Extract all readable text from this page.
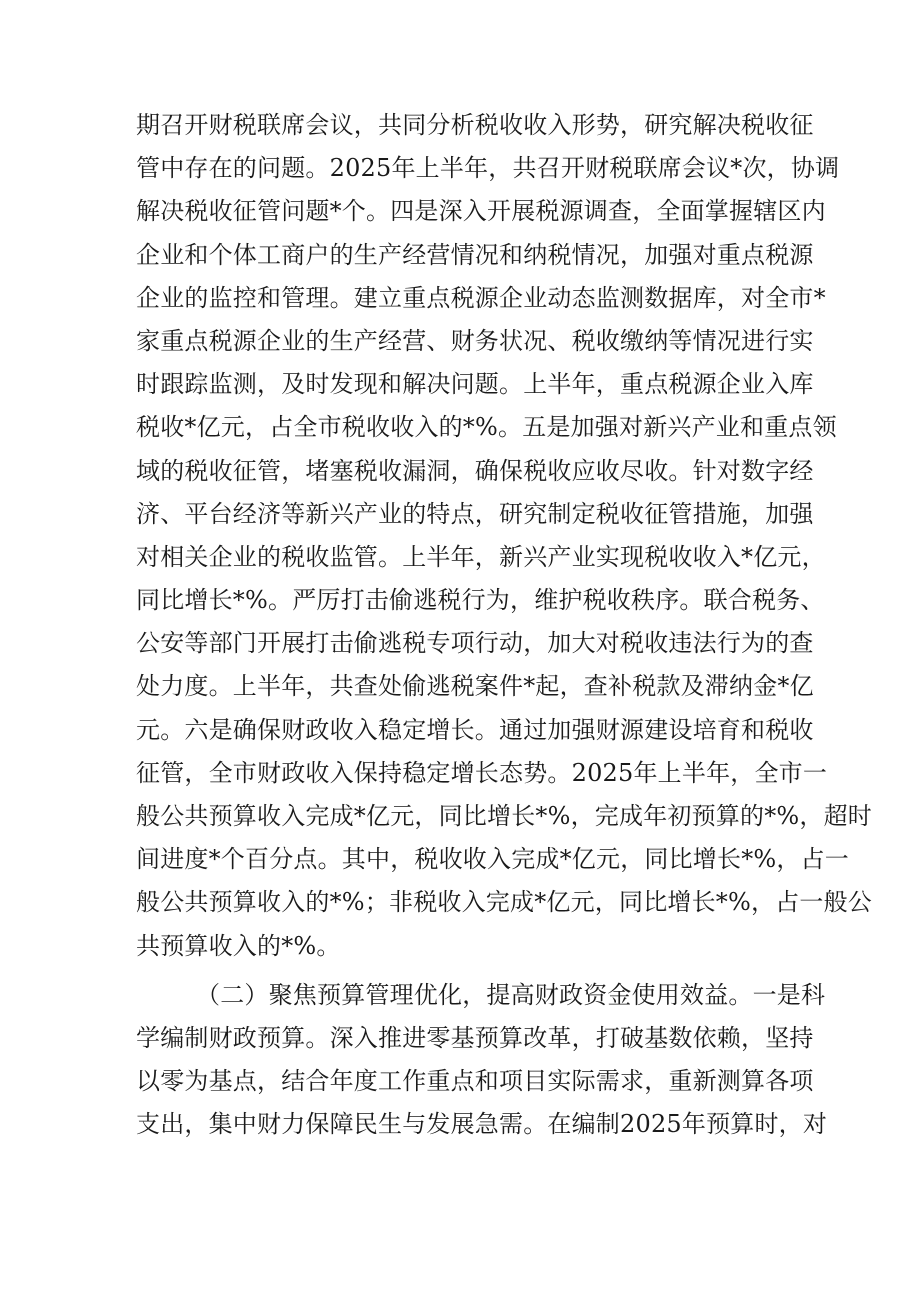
期召开财税联席会议，共同分析税收收入形势，研究解决税收征
管中存在的问题。2025年上半年，共召开财税联席会议*次，协调
解决税收征管问题*个。四是深入开展税源调查，全面掌握辖区内
企业和个体工商户的生产经营情况和纳税情况，加强对重点税源
企业的监控和管理。建立重点税源企业动态监测数据库，对全市*
家重点税源企业的生产经营、财务状况、税收缴纳等情况进行实
时跟踪监测，及时发现和解决问题。上半年，重点税源企业入库
税收*亿元，占全市税收收入的*%。五是加强对新兴产业和重点领
域的税收征管，堵塞税收漏洞，确保税收应收尽收。针对数字经
济、平台经济等新兴产业的特点，研究制定税收征管措施，加强
对相关企业的税收监管。上半年，新兴产业实现税收收入*亿元，
同比增长*%。严厉打击偷逃税行为，维护税收秩序。联合税务、
公安等部门开展打击偷逃税专项行动，加大对税收违法行为的查
处力度。上半年，共查处偷逃税案件*起，查补税款及滞纳金*亿
元。六是确保财政收入稳定增长。通过加强财源建设培育和税收
征管，全市财政收入保持稳定增长态势。2025年上半年，全市一
般公共预算收入完成*亿元，同比增长*%，完成年初预算的*%，超时
间进度*个百分点。其中，税收收入完成*亿元，同比增长*%，占一
般公共预算收入的*%；非税收入完成*亿元，同比增长*%，占一般公
共预算收入的*%。
（二）聚焦预算管理优化，提高财政资金使用效益。一是科
学编制财政预算。深入推进零基预算改革，打破基数依赖，坚持
以零为基点，结合年度工作重点和项目实际需求，重新测算各项
支出，集中财力保障民生与发展急需。在编制2025年预算时，对
